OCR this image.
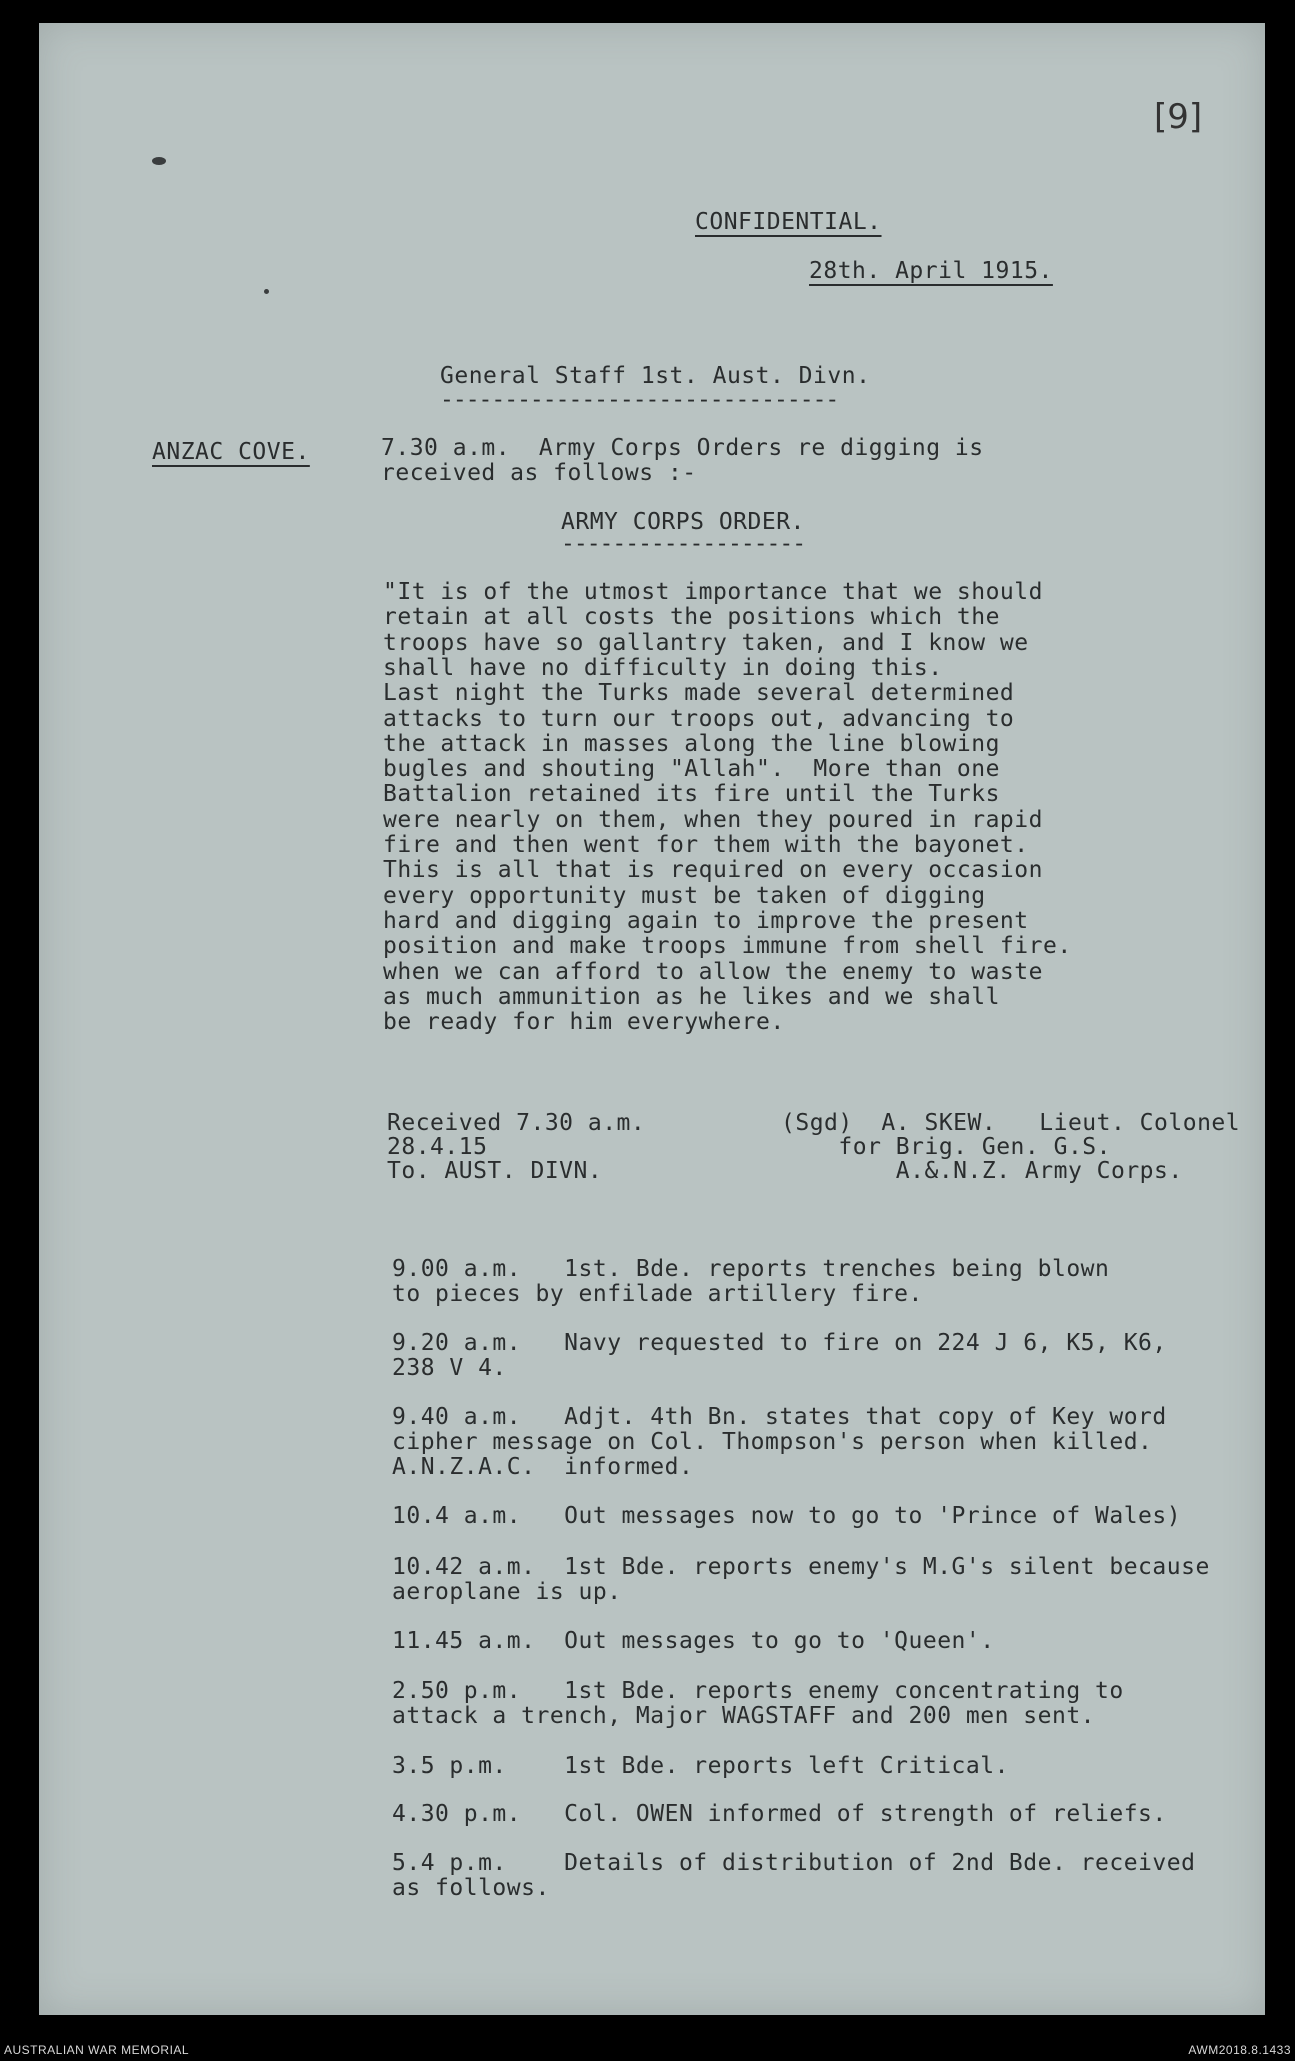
[9]
CONFIDENTIAL.
28th. April 1915.
General Staff 1st. Aust. Divn.
-------------------------------
ANZAC COVE.	7.30 a.m.  Army Corps Orders re digging is
received as follows :-
ARMY CORPS ORDER.
-------------------
"It is of the utmost importance that we should
retain at all costs the positions which the
troops have so gallantry taken, and I know we
shall have no difficulty in doing this.
Last night the Turks made several determined
attacks to turn our troops out, advancing to
the attack in masses along the line blowing
bugles and shouting "Allah".  More than one
Battalion retained its fire until the Turks
were nearly on them, when they poured in rapid
fire and then went for them with the bayonet.
This is all that is required on every occasion
every opportunity must be taken of digging
hard and digging again to improve the present
position and make troops immune from shell fire.
when we can afford to allow the enemy to waste
as much ammunition as he likes and we shall
be ready for him everywhere.
Received 7.30 a.m.
28.4.15
To. AUST. DIVN.
(Sgd)  A. SKEW.   Lieut. Colonel
for Brig. Gen. G.S.
A.&.N.Z. Army Corps.
9.00 a.m.   1st. Bde. reports trenches being blown
to pieces by enfilade artillery fire.
9.20 a.m.   Navy requested to fire on 224 J 6, K5, K6,
238 V 4.
9.40 a.m.   Adjt. 4th Bn. states that copy of Key word
cipher message on Col. Thompson's person when killed.
A.N.Z.A.C.  informed.
10.4 a.m.   Out messages now to go to 'Prince of Wales)
10.42 a.m.  1st Bde. reports enemy's M.G's silent because
aeroplane is up.
11.45 a.m.  Out messages to go to 'Queen'.
2.50 p.m.   1st Bde. reports enemy concentrating to
attack a trench, Major WAGSTAFF and 200 men sent.
3.5 p.m.    1st Bde. reports left Critical.
4.30 p.m.   Col. OWEN informed of strength of reliefs.
5.4 p.m.    Details of distribution of 2nd Bde. received
as follows.
AUSTRALIAN WAR MEMORIAL	AWM2018.8.1433
